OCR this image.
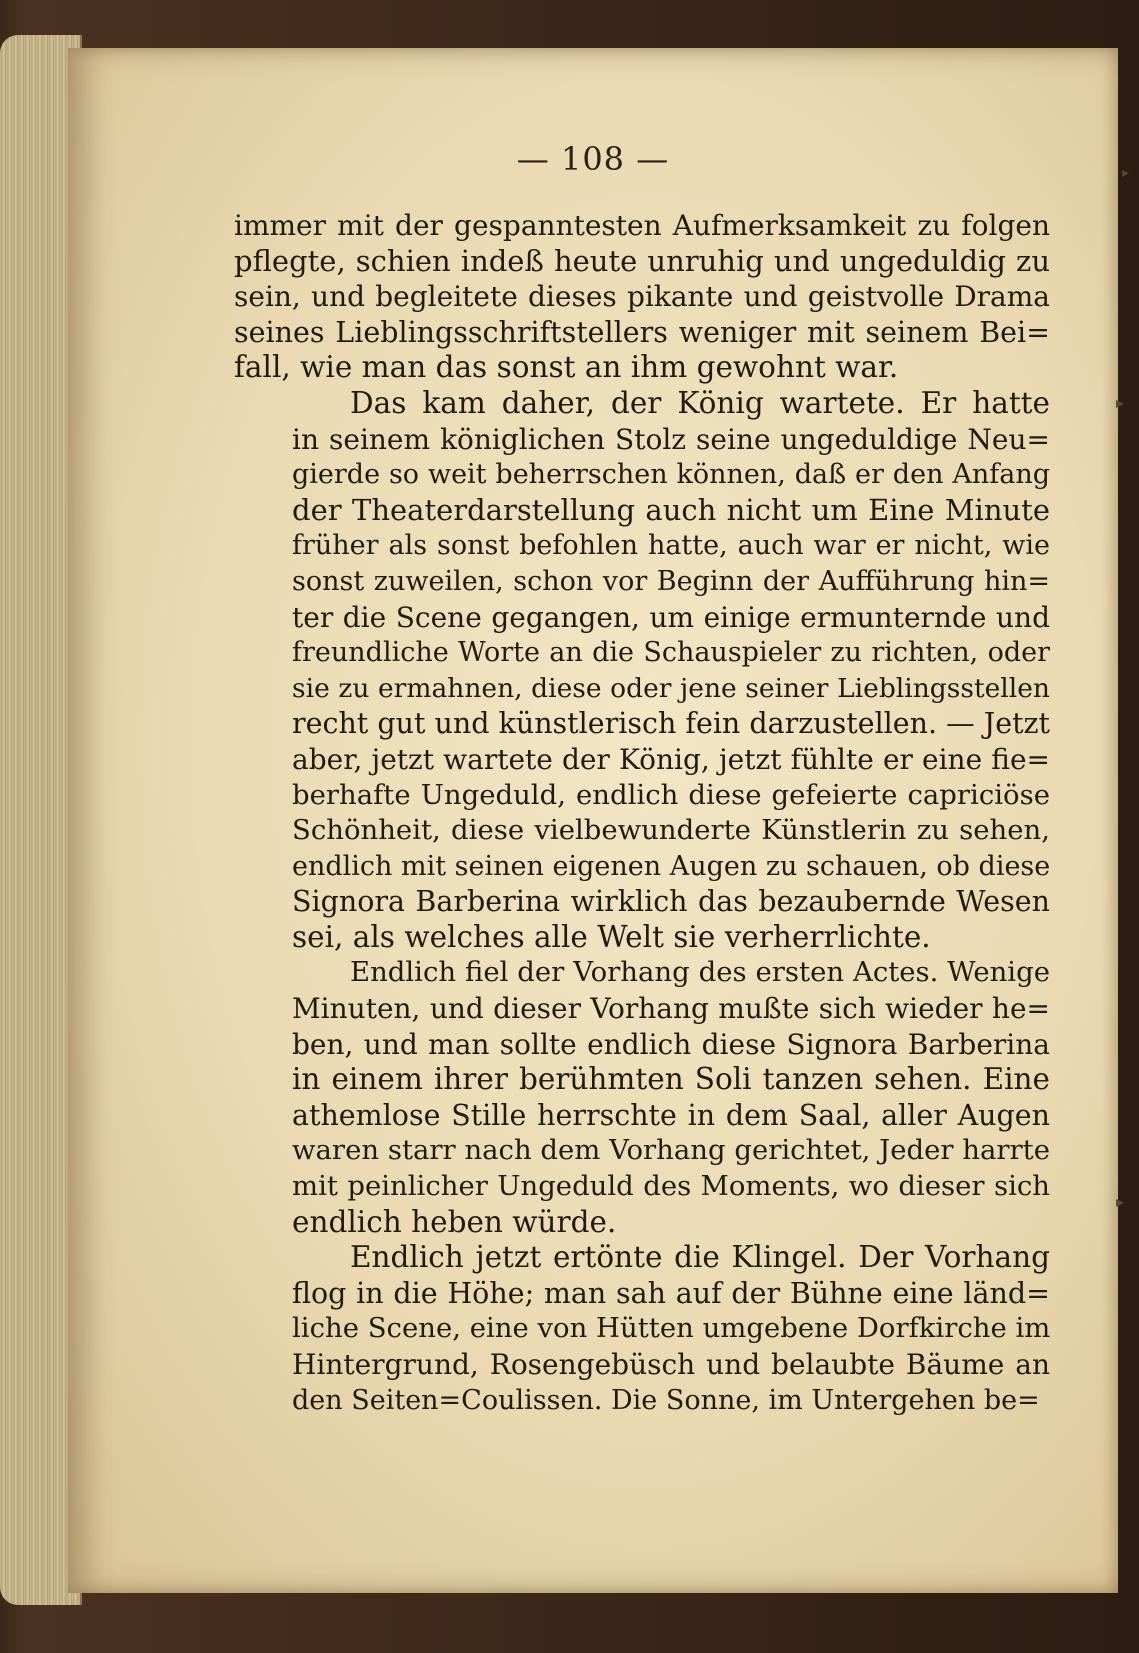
— 108 —
immer mit der gespanntesten Aufmerksamkeit zu folgen
pflegte, schien indeß heute unruhig und ungeduldig zu
sein, und begleitete dieses pikante und geistvolle Drama
seines Lieblingsschriftstellers weniger mit seinem Bei=
fall, wie man das sonst an ihm gewohnt war.
Das kam daher, der König wartete. Er hatte
in seinem königlichen Stolz seine ungeduldige Neu=
gierde so weit beherrschen können, daß er den Anfang
der Theaterdarstellung auch nicht um Eine Minute
früher als sonst befohlen hatte, auch war er nicht, wie
sonst zuweilen, schon vor Beginn der Aufführung hin=
ter die Scene gegangen, um einige ermunternde und
freundliche Worte an die Schauspieler zu richten, oder
sie zu ermahnen, diese oder jene seiner Lieblingsstellen
recht gut und künstlerisch fein darzustellen. — Jetzt
aber, jetzt wartete der König, jetzt fühlte er eine fie=
berhafte Ungeduld, endlich diese gefeierte capriciöse
Schönheit, diese vielbewunderte Künstlerin zu sehen,
endlich mit seinen eigenen Augen zu schauen, ob diese
Signora Barberina wirklich das bezaubernde Wesen
sei, als welches alle Welt sie verherrlichte.
Endlich fiel der Vorhang des ersten Actes. Wenige
Minuten, und dieser Vorhang mußte sich wieder he=
ben, und man sollte endlich diese Signora Barberina
in einem ihrer berühmten Soli tanzen sehen. Eine
athemlose Stille herrschte in dem Saal, aller Augen
waren starr nach dem Vorhang gerichtet, Jeder harrte
mit peinlicher Ungeduld des Moments, wo dieser sich
endlich heben würde.
Endlich jetzt ertönte die Klingel. Der Vorhang
flog in die Höhe; man sah auf der Bühne eine länd=
liche Scene, eine von Hütten umgebene Dorfkirche im
Hintergrund, Rosengebüsch und belaubte Bäume an
den Seiten=Coulissen. Die Sonne, im Untergehen be=
▸
▸
▸
